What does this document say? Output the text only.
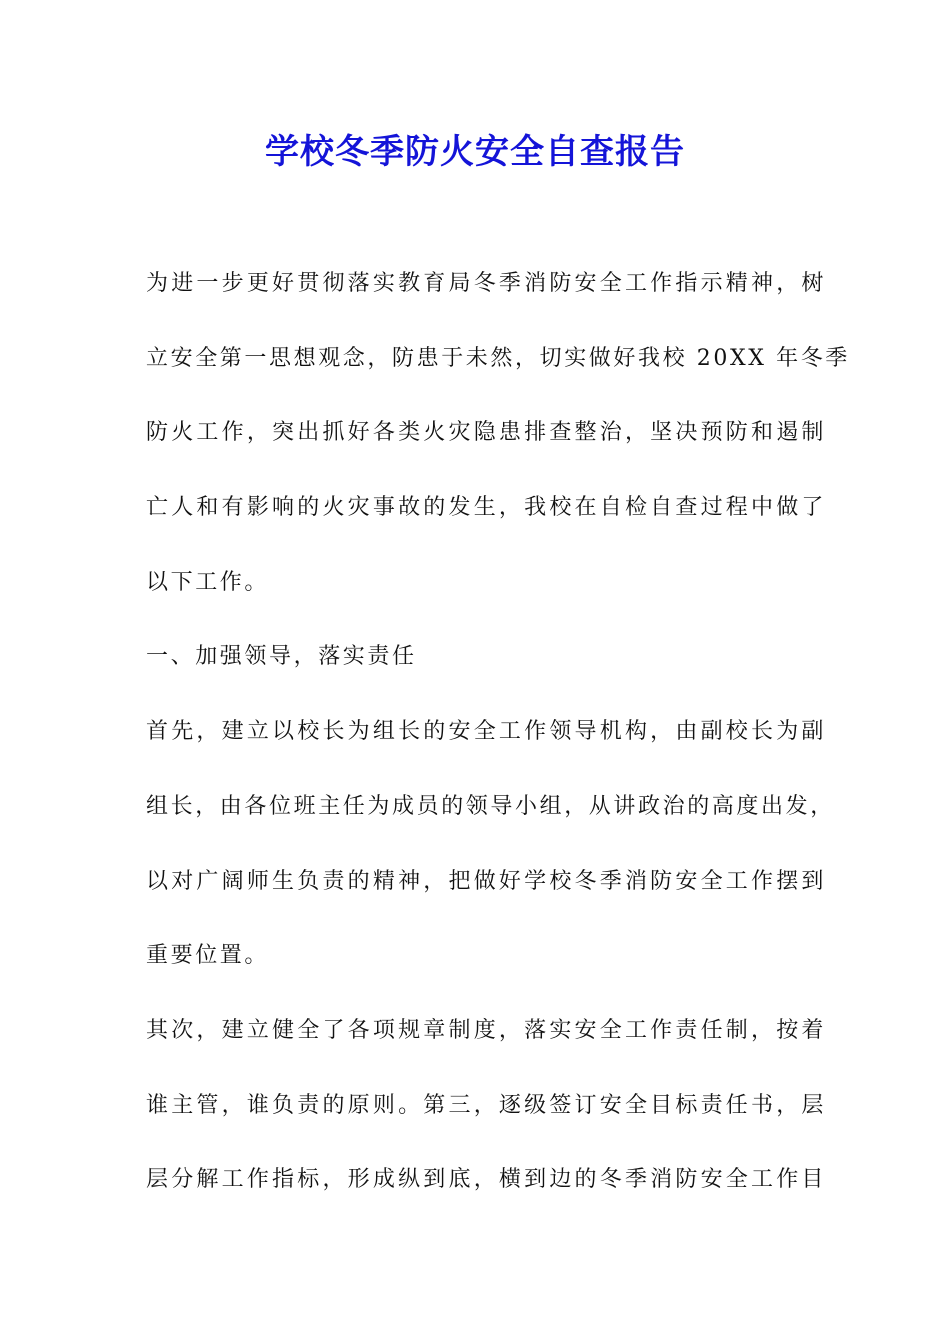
学校冬季防火安全自查报告

为进一步更好贯彻落实教育局冬季消防安全工作指示精神，树

立安全第一思想观念，防患于未然，切实做好我校 20XX 年冬季

防火工作，突出抓好各类火灾隐患排查整治，坚决预防和遏制

亡人和有影响的火灾事故的发生，我校在自检自查过程中做了

以下工作。

一、加强领导，落实责任

首先，建立以校长为组长的安全工作领导机构，由副校长为副

组长，由各位班主任为成员的领导小组，从讲政治的高度出发，

以对广阔师生负责的精神，把做好学校冬季消防安全工作摆到

重要位置。

其次，建立健全了各项规章制度，落实安全工作责任制，按着

谁主管，谁负责的原则。第三，逐级签订安全目标责任书，层

层分解工作指标，形成纵到底，横到边的冬季消防安全工作目
